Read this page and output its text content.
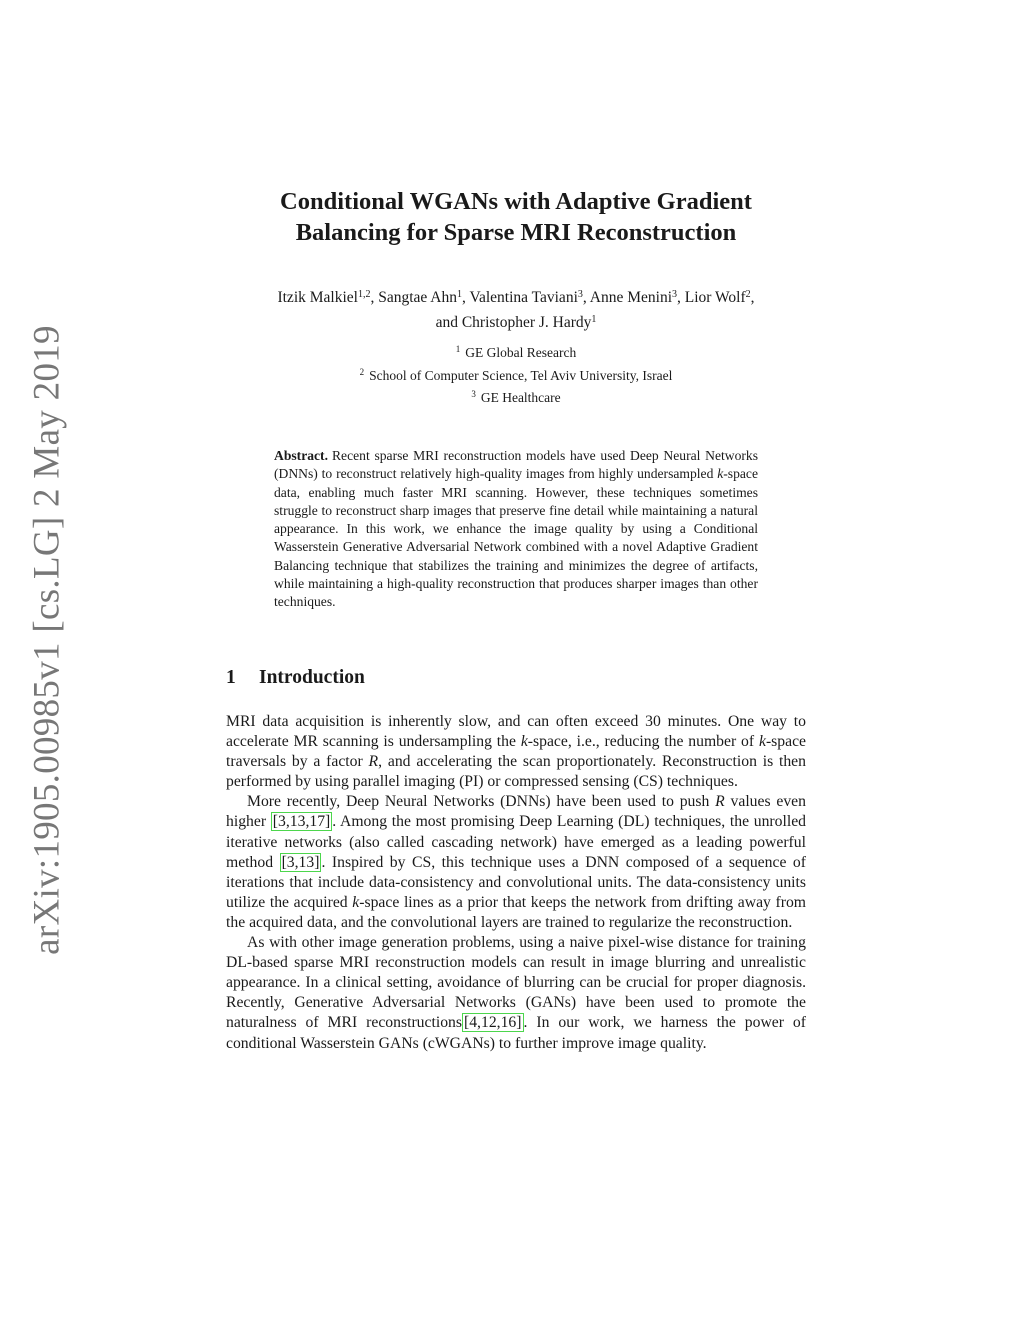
arXiv:1905.00985v1 [cs.LG] 2 May 2019
Conditional WGANs with Adaptive Gradient
Balancing for Sparse MRI Reconstruction
Itzik Malkiel$^{1,2}$, Sangtae Ahn$^1$, Valentina Taviani$^3$, Anne Menini$^3$, Lior Wolf$^2$,
and Christopher J. Hardy$^1$
$^1$ GE Global Research
$^2$ School of Computer Science, Tel Aviv University, Israel
$^3$ GE Healthcare

Abstract. Recent sparse MRI reconstruction models have used Deep Neural Networks (DNNs) to reconstruct relatively high-quality images from highly undersampled k-space data, enabling much faster MRI scanning. However, these techniques sometimes struggle to reconstruct sharp images that preserve fine detail while maintaining a natural appearance. In this work, we enhance the image quality by using a Conditional Wasserstein Generative Adversarial Network combined with a novel Adaptive Gradient Balancing technique that stabilizes the training and minimizes the degree of artifacts, while maintaining a high-quality reconstruction that produces sharper images than other techniques.

1 Introduction

MRI data acquisition is inherently slow, and can often exceed 30 minutes. One way to accelerate MR scanning is undersampling the k-space, i.e., reducing the number of k-space traversals by a factor R, and accelerating the scan proportionately. Reconstruction is then performed by using parallel imaging (PI) or compressed sensing (CS) techniques.

More recently, Deep Neural Networks (DNNs) have been used to push R values even higher [3,13,17] . Among the most promising Deep Learning (DL) techniques, the unrolled iterative networks (also called cascading network) have emerged as a leading powerful method [3,13] . Inspired by CS, this technique uses a DNN composed of a sequence of iterations that include data-consistency and convolutional units. The data-consistency units utilize the acquired k-space lines as a prior that keeps the network from drifting away from the acquired data, and the convolutional layers are trained to regularize the reconstruction.

As with other image generation problems, using a naive pixel-wise distance for training DL-based sparse MRI reconstruction models can result in image blurring and unrealistic appearance. In a clinical setting, avoidance of blurring can be crucial for proper diagnosis. Recently, Generative Adversarial Networks (GANs) have been used to promote the naturalness of MRI reconstructions [4,12,16] . In our work, we harness the power of conditional Wasserstein GANs (cWGANs) to further improve image quality.
